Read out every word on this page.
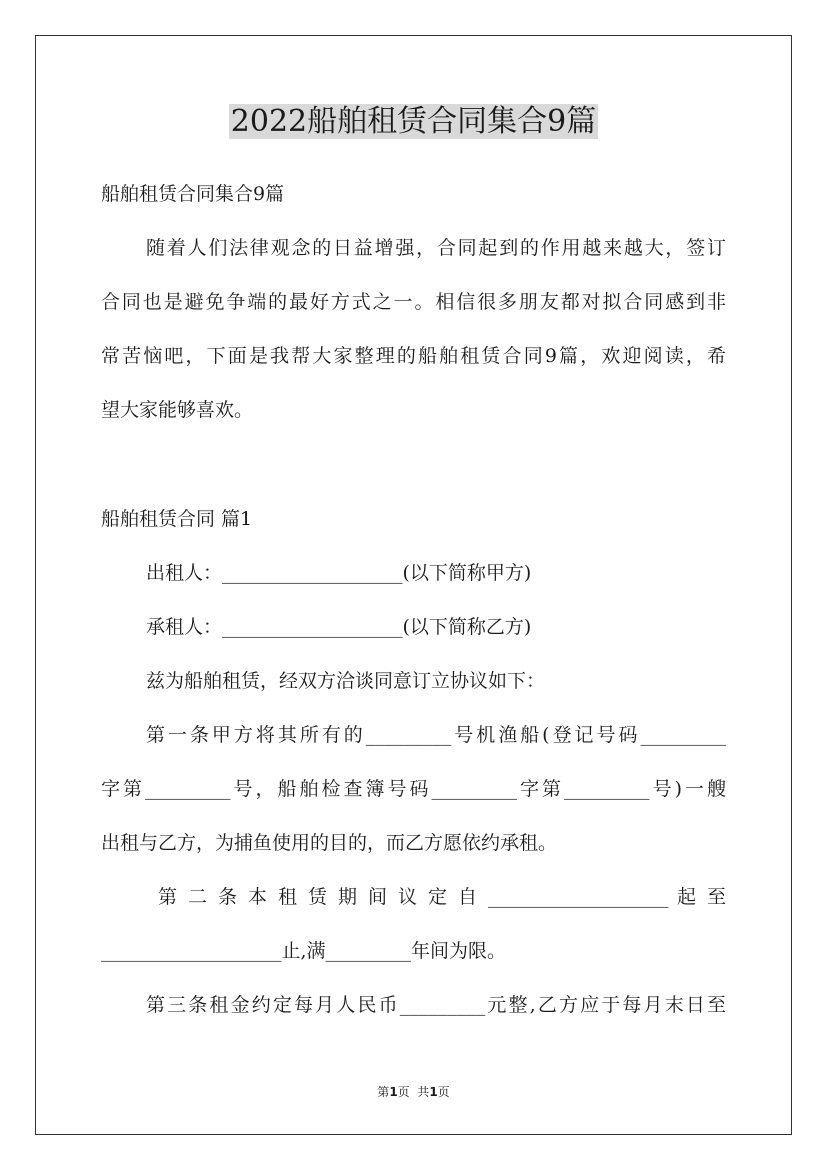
2022船舶租赁合同集合9篇
船舶租赁合同集合9篇
随着人们法律观念的日益增强，合同起到的作用越来越大，签订
合同也是避免争端的最好方式之一。相信很多朋友都对拟合同感到非
常苦恼吧，下面是我帮大家整理的船舶租赁合同9篇，欢迎阅读，希
望大家能够喜欢。
船舶租赁合同 篇1
出租人：___________________(以下简称甲方)
承租人：___________________(以下简称乙方)
兹为船舶租赁，经双方洽谈同意订立协议如下：
第一条甲方将其所有的_________号机渔船(登记号码_________
字第_________号，船舶检查簿号码_________字第_________号)一艘
出租与乙方，为捕鱼使用的目的，而乙方愿依约承租。
第 二 条 本 租 赁 期 间 议 定 自 ___________________ 起 至
___________________止,满_________年间为限。
第三条租金约定每月人民币_________元整,乙方应于每月末日至
第1页  共1页
